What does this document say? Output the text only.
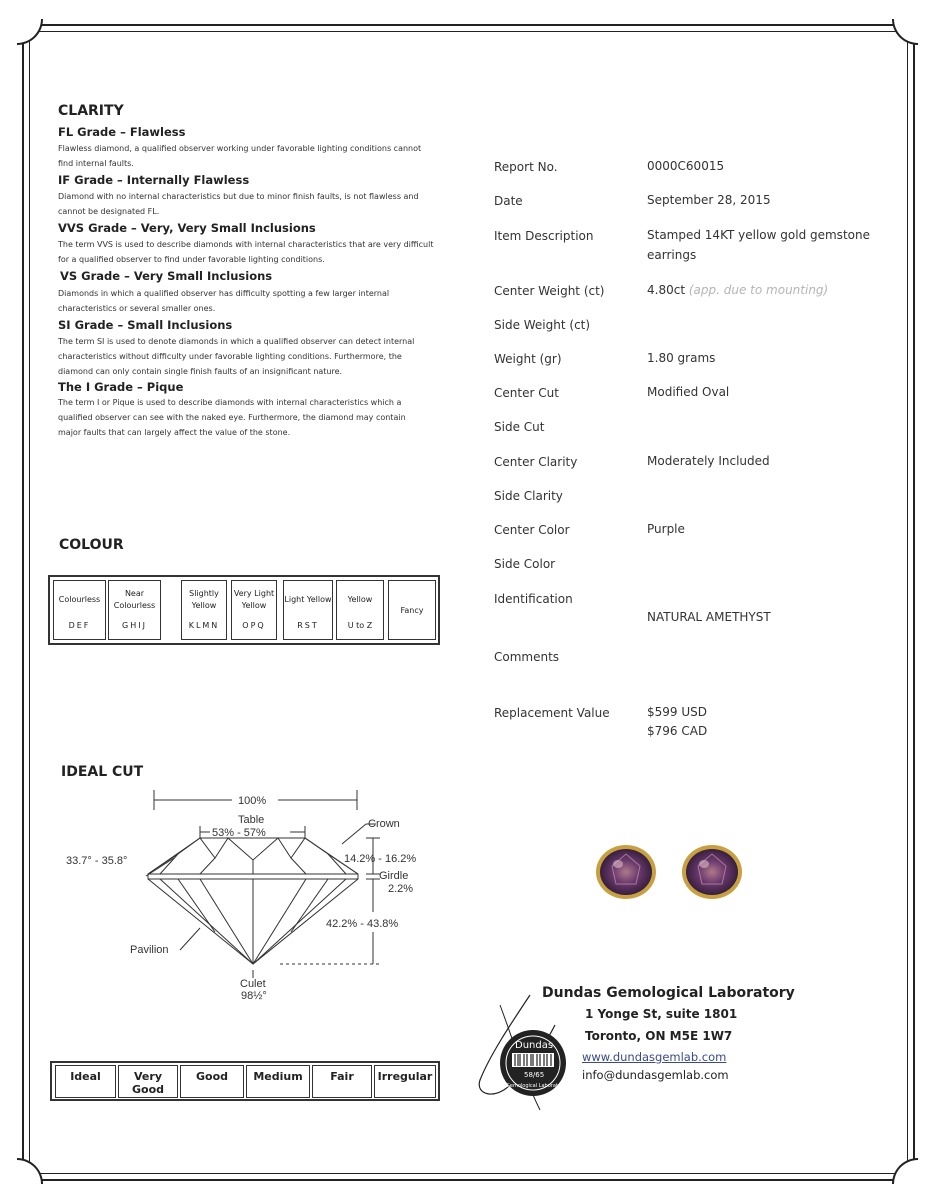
CLARITY
FL Grade – Flawless
Flawless diamond, a qualified observer working under favorable lighting conditions cannot find internal faults.
IF Grade – Internally Flawless
Diamond with no internal characteristics but due to minor finish faults, is not flawless and cannot be designated FL.
VVS Grade – Very, Very Small Inclusions
The term VVS is used to describe diamonds with internal characteristics that are very difficult for a qualified observer to find under favorable lighting conditions.
VS Grade – Very Small Inclusions
Diamonds in which a qualified observer has difficulty spotting a few larger internal characteristics or several smaller ones.
SI Grade – Small Inclusions
The term SI is used to denote diamonds in which a qualified observer can detect internal characteristics without difficulty under favorable lighting conditions. Furthermore, the diamond can only contain single finish faults of an insignificant nature.
The I Grade – Pique
The term I or Pique is used to describe diamonds with internal characteristics which a qualified observer can see with the naked eye. Furthermore, the diamond may contain major faults that can largely affect the value of the stone.
COLOUR
Colourless
DEF
Near Colourless
GHIJ
Slightly Yellow
KLMN
Very Light Yellow
OPQ
Light Yellow
RST
Yellow
U to Z
Fancy
IDEAL CUT
100%
Table
53% - 57%
Crown
33.7° - 35.8°	14.2% - 16.2%
Girdle
2.2%
42.2% - 43.8%
Pavilion
Culet
98½°
Ideal	Very Good
Good	Medium	Fair	Irregular
Report No.	0000C60015
Date	September 28, 2015
Item Description	Stamped 14KT yellow gold gemstone
earrings
Center Weight (ct)	4.80ct (app. due to mounting)
Side Weight (ct)
Weight (gr)	1.80 grams
Center Cut	Modified Oval
Side Cut
Center Clarity	Moderately Included
Side Clarity
Center Color	Purple
Side Color
Identification
NATURAL AMETHYST
Comments
Replacement Value	$599 USD
$796 CAD
Dundas
58/65
Gemological Laboratory
Dundas Gemological Laboratory
1 Yonge St, suite 1801
Toronto, ON M5E 1W7
www.dundasgemlab.com
info@dundasgemlab.com
